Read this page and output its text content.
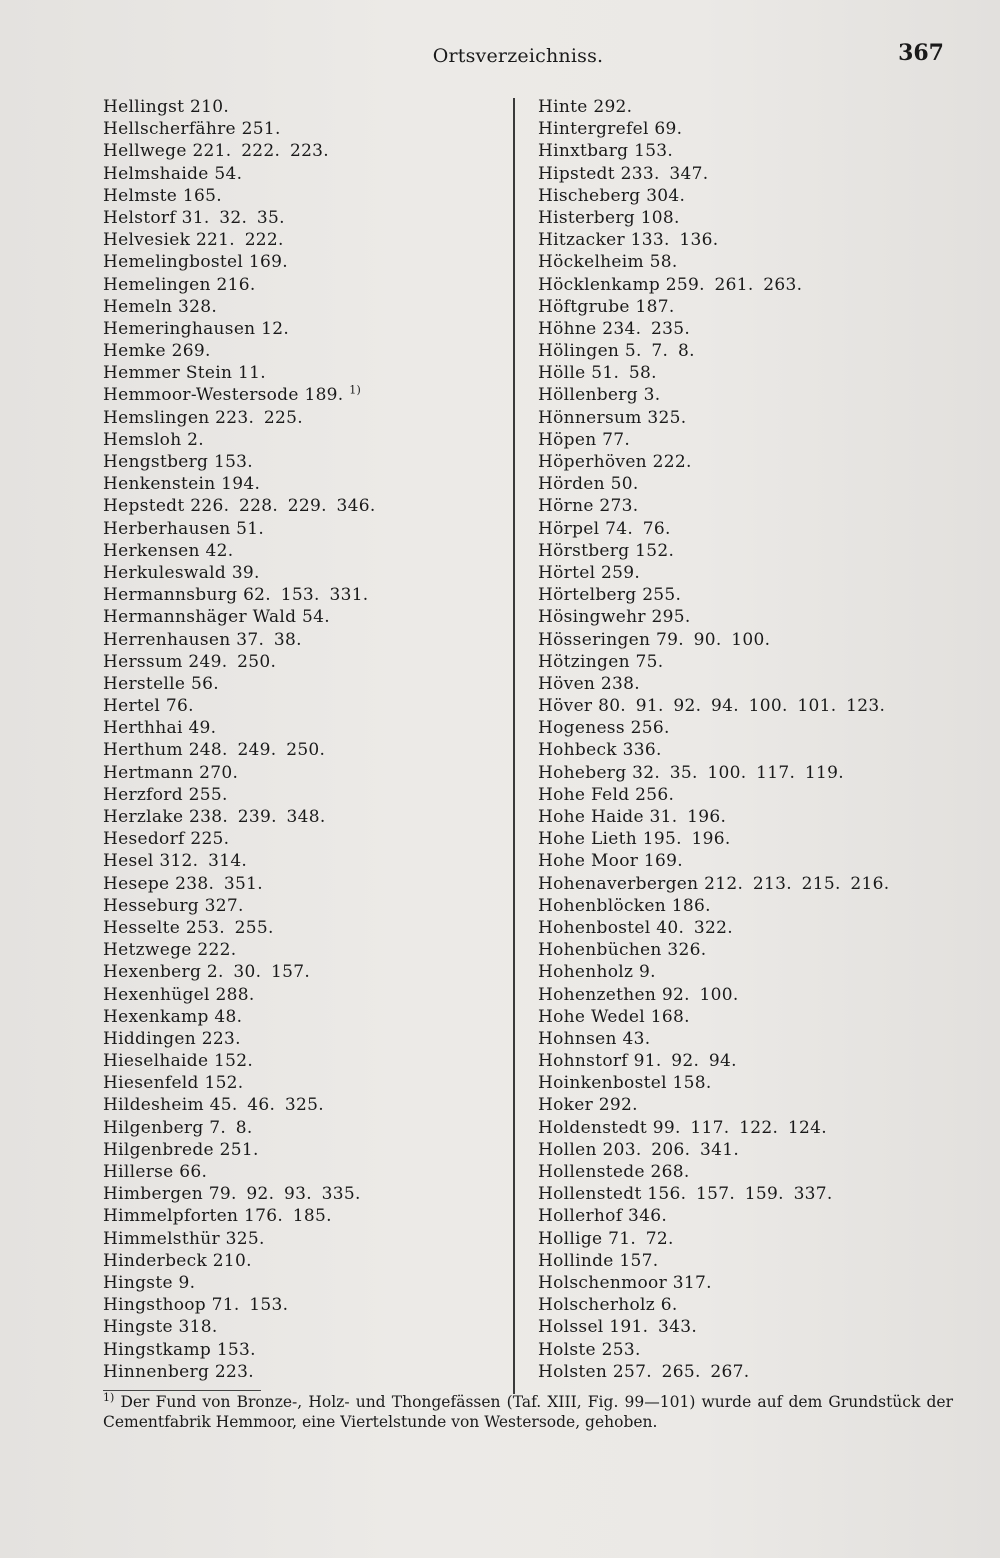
Ortsverzeichniss.	367
Hellingst 210.
Hellscherfähre 251.
Hellwege 221. 222. 223.
Helmshaide 54.
Helmste 165.
Helstorf 31. 32. 35.
Helvesiek 221. 222.
Hemelingbostel 169.
Hemelingen 216.
Hemeln 328.
Hemeringhausen 12.
Hemke 269.
Hemmer Stein 11.
Hemmoor-Westersode 189. $^{1)}$
Hemslingen 223. 225.
Hemsloh 2.
Hengstberg 153.
Henkenstein 194.
Hepstedt 226. 228. 229. 346.
Herberhausen 51.
Herkensen 42.
Herkuleswald 39.
Hermannsburg 62. 153. 331.
Hermannshäger Wald 54.
Herrenhausen 37. 38.
Herssum 249. 250.
Herstelle 56.
Hertel 76.
Herthhai 49.
Herthum 248. 249. 250.
Hertmann 270.
Herzford 255.
Herzlake 238. 239. 348.
Hesedorf 225.
Hesel 312. 314.
Hesepe 238. 351.
Hesseburg 327.
Hesselte 253. 255.
Hetzwege 222.
Hexenberg 2. 30. 157.
Hexenhügel 288.
Hexenkamp 48.
Hiddingen 223.
Hieselhaide 152.
Hiesenfeld 152.
Hildesheim 45. 46. 325.
Hilgenberg 7. 8.
Hilgenbrede 251.
Hillerse 66.
Himbergen 79. 92. 93. 335.
Himmelpforten 176. 185.
Himmelsthür 325.
Hinderbeck 210.
Hingste 9.
Hingsthoop 71. 153.
Hingste 318.
Hingstkamp 153.
Hinnenberg 223.
Hinte 292.
Hintergrefel 69.
Hinxtbarg 153.
Hipstedt 233. 347.
Hischeberg 304.
Histerberg 108.
Hitzacker 133. 136.
Höckelheim 58.
Höcklenkamp 259. 261. 263.
Höftgrube 187.
Höhne 234. 235.
Hölingen 5. 7. 8.
Hölle 51. 58.
Höllenberg 3.
Hönnersum 325.
Höpen 77.
Höperhöven 222.
Hörden 50.
Hörne 273.
Hörpel 74. 76.
Hörstberg 152.
Hörtel 259.
Hörtelberg 255.
Hösingwehr 295.
Hösseringen 79. 90. 100.
Hötzingen 75.
Höven 238.
Höver 80. 91. 92. 94. 100. 101. 123.
Hogeness 256.
Hohbeck 336.
Hoheberg 32. 35. 100. 117. 119.
Hohe Feld 256.
Hohe Haide 31. 196.
Hohe Lieth 195. 196.
Hohe Moor 169.
Hohenaverbergen 212. 213. 215. 216.
Hohenblöcken 186.
Hohenbostel 40. 322.
Hohenbüchen 326.
Hohenholz 9.
Hohenzethen 92. 100.
Hohe Wedel 168.
Hohnsen 43.
Hohnstorf 91. 92. 94.
Hoinkenbostel 158.
Hoker 292.
Holdenstedt 99. 117. 122. 124.
Hollen 203. 206. 341.
Hollenstede 268.
Hollenstedt 156. 157. 159. 337.
Hollerhof 346.
Hollige 71. 72.
Hollinde 157.
Holschenmoor 317.
Holscherholz 6.
Holssel 191. 343.
Holste 253.
Holsten 257. 265. 267.
$^{1)}$ Der Fund von Bronze-, Holz- und Thongefässen (Taf. XIII, Fig. 99—101) wurde auf dem Grundstück der Cementfabrik Hemmoor, eine Viertelstunde von Westersode, gehoben.
